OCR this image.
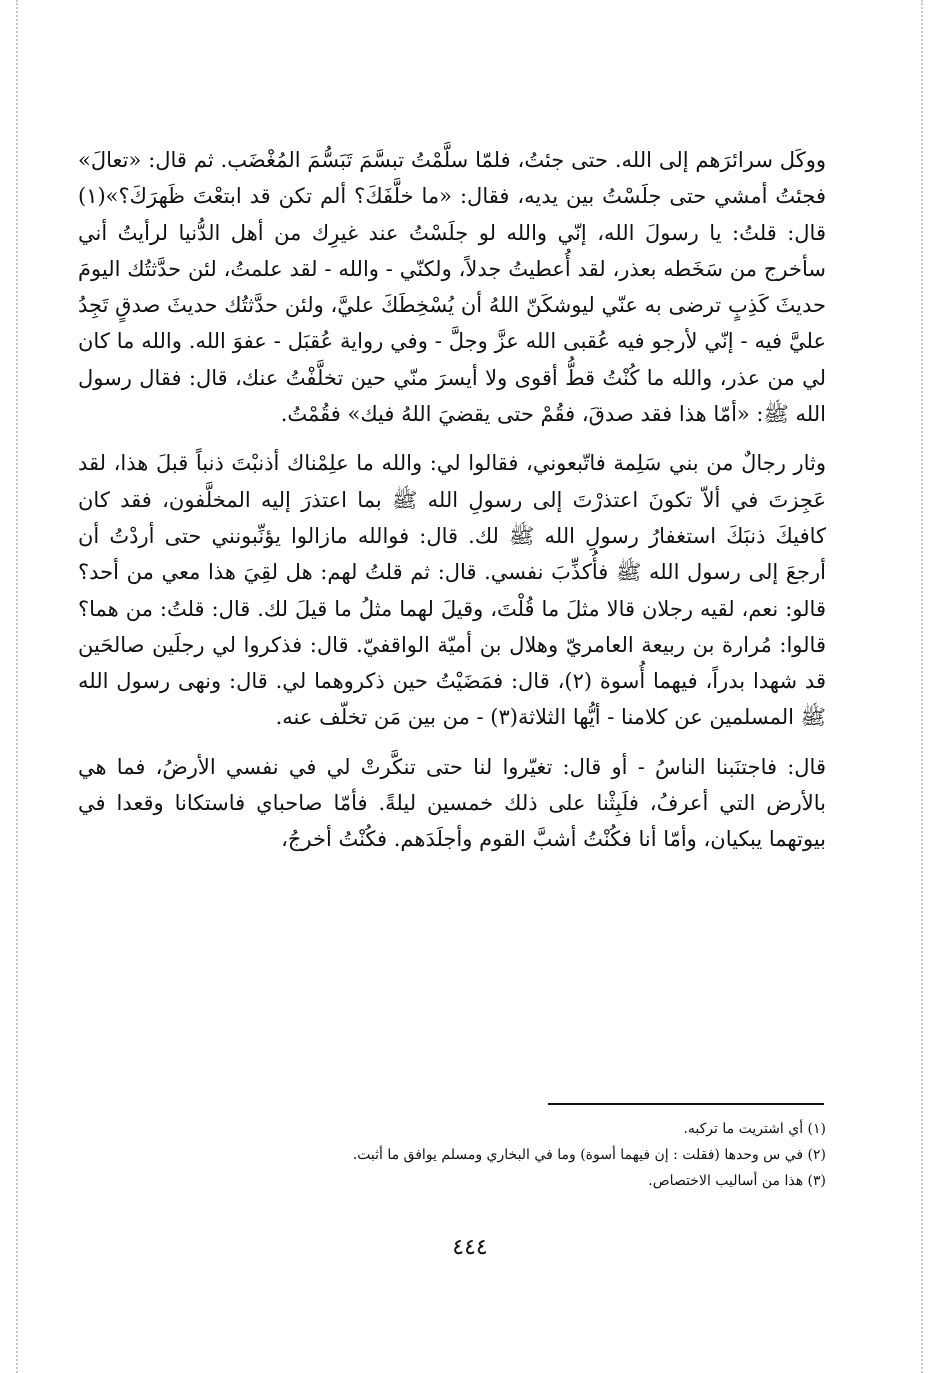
ووكَل سرائرَهم إلى الله. حتى جئتُ، فلمّا سلَّمْتُ تبسَّمَ تَبَسُّمَ المُغْضَب. ثم قال: «تعالَ» فجئتُ أمشي حتى جلَسْتُ بين يديه، فقال: «ما خلَّفَكَ؟ ألم تكن قد ابتعْتَ ظَهرَكَ؟»(١) قال: قلتُ: يا رسولَ الله، إنّي والله لو جلَسْتُ عند غيرِك من أهل الدُّنيا لرأيتُ أني سأخرج من سَخَطه بعذر، لقد أُعطيتُ جدلاً، ولكنّي - والله - لقد علمتُ، لئن حدَّثتُك اليومَ حديثَ كَذِبٍ ترضى به عنّي ليوشكَنّ اللهُ أن يُسْخِطَكَ عليَّ، ولئن حدَّثتُك حديثَ صدقٍ تَجِدُ عليَّ فيه - إنّي لأرجو فيه عُقبى الله عزَّ وجلَّ - وفي رواية عُقبَل - عفوَ الله. والله ما كان لي من عذر، والله ما كُنْتُ قطُّ أقوى ولا أيسرَ منّي حين تخلَّفْتُ عنك، قال: فقال رسول الله ﷺ: «أمّا هذا فقد صدقَ، فقُمْ حتى يقضيَ اللهُ فيك» فقُمْتُ.

وثار رجالٌ من بني سَلِمة فاتّبعوني، فقالوا لي: والله ما علِمْناك أذنبْتَ ذنباً قبلَ هذا، لقد عَجِزتَ في ألاّ تكونَ اعتذرْتَ إلى رسولِ الله ﷺ بما اعتذرَ إليه المخلَّفون، فقد كان كافيكَ ذنبَكَ استغفارُ رسولِ الله ﷺ لك. قال: فوالله مازالوا يؤنِّبونني حتى أردْتُ أن أرجعَ إلى رسول الله ﷺ فأُكذِّبَ نفسي. قال: ثم قلتُ لهم: هل لقِيَ هذا معي من أحد؟ قالو: نعم، لقيه رجلان قالا مثلَ ما قُلْتَ، وقيلَ لهما مثلُ ما قيلَ لك. قال: قلتُ: من هما؟ قالوا: مُرارة بن ربيعة العامريّ وهلال بن أميّة الواقفيّ. قال: فذكروا لي رجلَين صالحَين قد شهدا بدراً، فيهما أُسوة (٢)، قال: فمَضَيْتُ حين ذكروهما لي. قال: ونهى رسول الله ﷺ المسلمين عن كلامنا - أيُّها الثلاثة(٣) - من بين مَن تخلّف عنه.

قال: فاجتنَبنا الناسُ - أو قال: تغيّروا لنا حتى تنكَّرتْ لي في نفسي الأرضُ، فما هي بالأرض التي أعرفُ، فلَبِثْنا على ذلك خمسين ليلةً. فأمّا صاحباي فاستكانا وقعدا في بيوتهما يبكيان، وأمّا أنا فكُنْتُ أشبَّ القوم وأجلَدَهم. فكُنْتُ أخرجُ،

(١) أي اشتريت ما تركبه.
(٢) في س وحدها (فقلت : إن فيهما أسوة) وما في البخاري ومسلم يوافق ما أثبت.
(٣) هذا من أساليب الاختصاص.
٤٤٤
